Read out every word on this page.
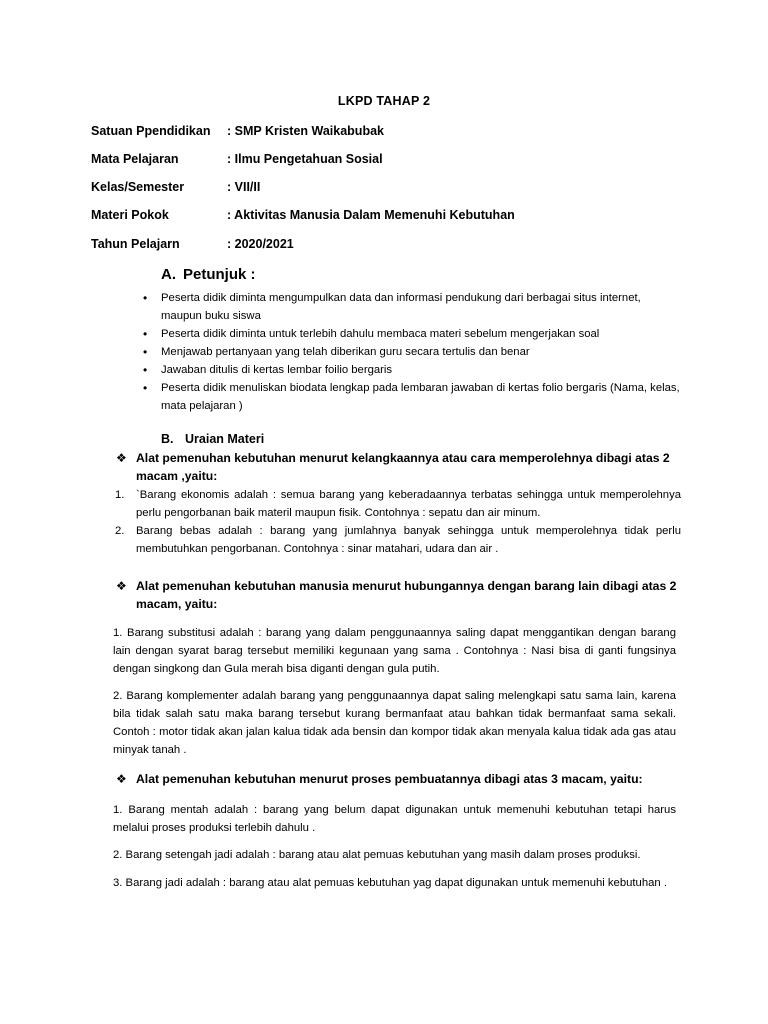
LKPD TAHAP 2
Satuan Ppendidikan : SMP Kristen Waikabubak
Mata Pelajaran	: Ilmu Pengetahuan Sosial
Kelas/Semester	: VII/II
Materi Pokok	: Aktivitas Manusia Dalam Memenuhi Kebutuhan
Tahun Pelajarn	: 2020/2021
A. Petunjuk :
• Peserta didik diminta mengumpulkan data dan informasi pendukung dari berbagai situs internet, maupun buku siswa
• Peserta didik diminta untuk terlebih dahulu membaca materi sebelum mengerjakan soal
• Menjawab pertanyaan yang telah diberikan guru secara tertulis dan benar
• Jawaban ditulis di kertas lembar foilio bergaris
• Peserta didik menuliskan biodata lengkap pada lembaran jawaban di kertas folio bergaris (Nama, kelas, mata pelajaran )
B. Uraian Materi
❖ Alat pemenuhan kebutuhan menurut kelangkaannya atau cara memperolehnya dibagi atas 2 macam ,yaitu:
1. `Barang ekonomis adalah : semua barang yang keberadaannya terbatas sehingga untuk memperolehnya perlu pengorbanan baik materil maupun fisik. Contohnya : sepatu dan air minum.
2. Barang bebas adalah : barang yang jumlahnya banyak sehingga untuk memperolehnya tidak perlu membutuhkan pengorbanan. Contohnya : sinar matahari, udara dan air .
❖ Alat pemenuhan kebutuhan manusia menurut hubungannya dengan barang lain dibagi atas 2 macam, yaitu:
1. Barang substitusi adalah : barang yang dalam penggunaannya saling dapat menggantikan dengan barang lain dengan syarat barag tersebut memiliki kegunaan yang sama . Contohnya : Nasi bisa di ganti fungsinya dengan singkong dan Gula merah bisa diganti dengan gula putih.
2. Barang komplementer adalah barang yang penggunaannya dapat saling melengkapi satu sama lain, karena bila tidak salah satu maka barang tersebut kurang bermanfaat atau bahkan tidak bermanfaat sama sekali. Contoh : motor tidak akan jalan kalua tidak ada bensin dan kompor tidak akan menyala kalua tidak ada gas atau minyak tanah .
❖ Alat pemenuhan kebutuhan menurut proses pembuatannya dibagi atas 3 macam, yaitu:
1. Barang mentah adalah : barang yang belum dapat digunakan untuk memenuhi kebutuhan tetapi harus melalui proses produksi terlebih dahulu .
2. Barang setengah jadi adalah : barang atau alat pemuas kebutuhan yang masih dalam proses produksi.
3. Barang jadi adalah : barang atau alat pemuas kebutuhan yag dapat digunakan untuk memenuhi kebutuhan .
